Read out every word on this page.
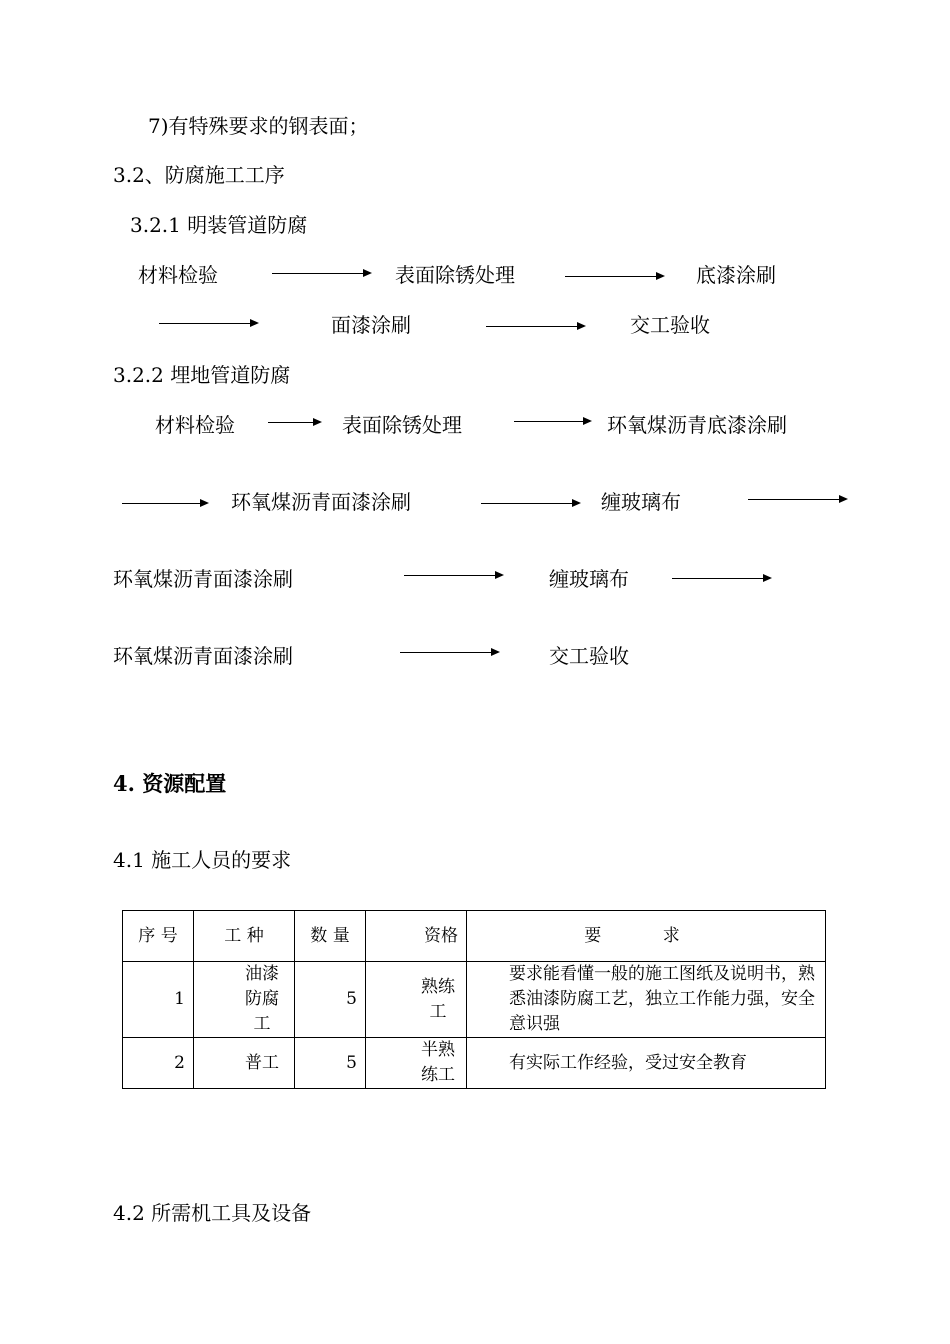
7)有特殊要求的钢表面；
3.2、防腐施工工序
3.2.1 明装管道防腐
材料检验	表面除锈处理	底漆涂刷
面漆涂刷	交工验收
3.2.2 埋地管道防腐
材料检验	表面除锈处理	环氧煤沥青底漆涂刷
环氧煤沥青面漆涂刷	缠玻璃布
环氧煤沥青面漆涂刷	缠玻璃布
环氧煤沥青面漆涂刷	交工验收
4. 资源配置
4.1 施工人员的要求
序 号	工 种	数 量	资格	要 求
1	油漆防腐工	5	熟练工	要求能看懂一般的施工图纸及说明书，熟悉油漆防腐工艺，独立工作能力强，安全意识强
2	普工	5	半熟练工	有实际工作经验，受过安全教育
4.2 所需机工具及设备
